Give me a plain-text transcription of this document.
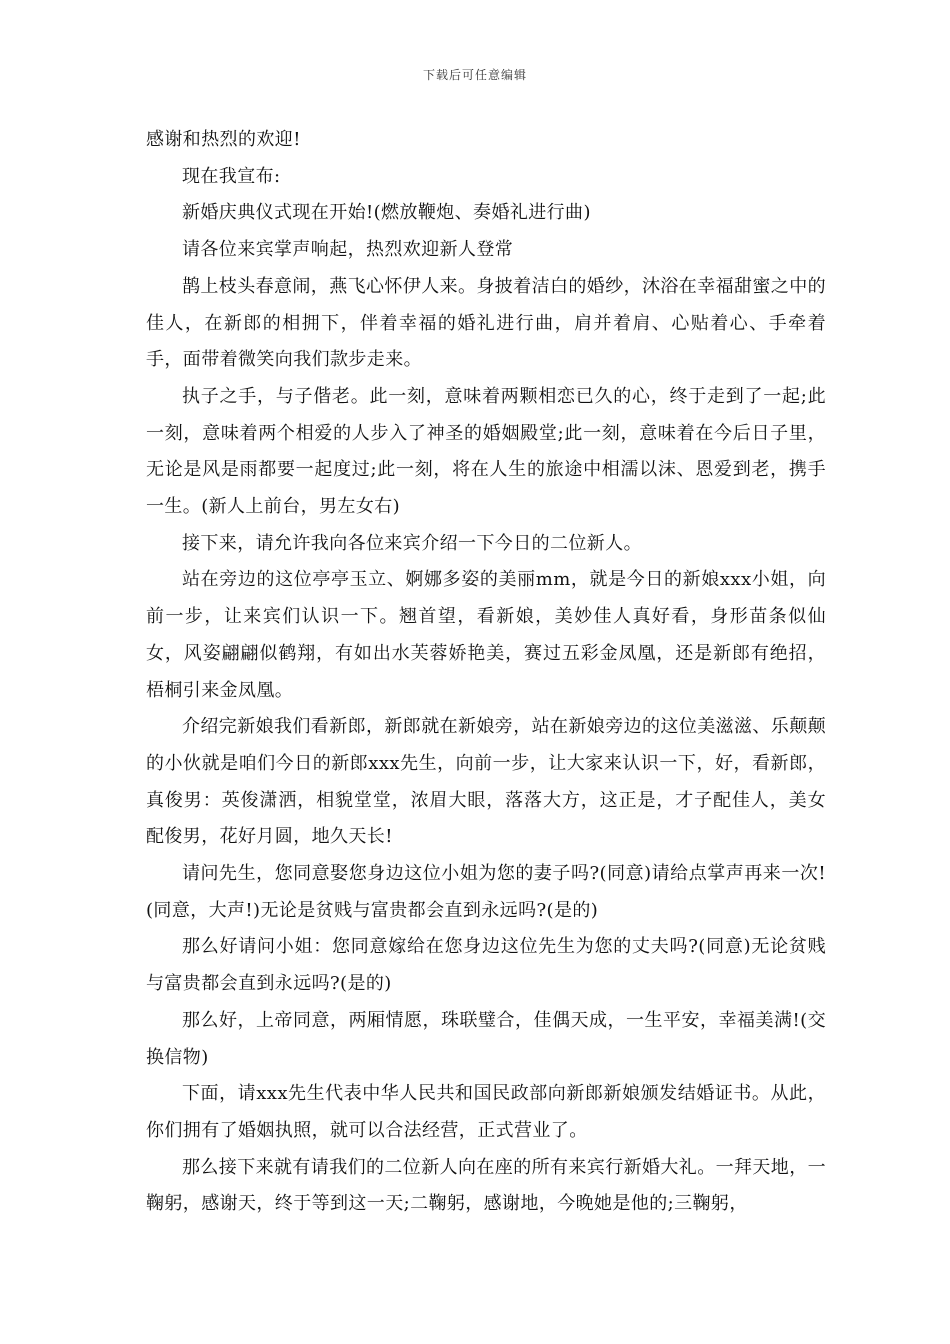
下载后可任意编辑

感谢和热烈的欢迎!

现在我宣布:

新婚庆典仪式现在开始!(燃放鞭炮、奏婚礼进行曲)

请各位来宾掌声响起，热烈欢迎新人登常

鹊上枝头春意闹，燕飞心怀伊人来。身披着洁白的婚纱，沐浴在幸福甜蜜之中的佳人，在新郎的相拥下，伴着幸福的婚礼进行曲，肩并着肩、心贴着心、手牵着手，面带着微笑向我们款步走来。

执子之手，与子偕老。此一刻，意味着两颗相恋已久的心，终于走到了一起;此一刻，意味着两个相爱的人步入了神圣的婚姻殿堂;此一刻，意味着在今后日子里，无论是风是雨都要一起度过;此一刻，将在人生的旅途中相濡以沫、恩爱到老，携手一生。(新人上前台，男左女右)

接下来，请允许我向各位来宾介绍一下今日的二位新人。

站在旁边的这位亭亭玉立、婀娜多姿的美丽mm，就是今日的新娘xxx小姐，向前一步，让来宾们认识一下。翘首望，看新娘，美妙佳人真好看，身形苗条似仙女，风姿翩翩似鹤翔，有如出水芙蓉娇艳美，赛过五彩金凤凰，还是新郎有绝招，梧桐引来金凤凰。

介绍完新娘我们看新郎，新郎就在新娘旁，站在新娘旁边的这位美滋滋、乐颠颠的小伙就是咱们今日的新郎xxx先生，向前一步，让大家来认识一下，好，看新郎，真俊男：英俊潇洒，相貌堂堂，浓眉大眼，落落大方，这正是，才子配佳人，美女配俊男，花好月圆，地久天长!

请问先生，您同意娶您身边这位小姐为您的妻子吗?(同意)请给点掌声再来一次!(同意，大声!)无论是贫贱与富贵都会直到永远吗?(是的)

那么好请问小姐：您同意嫁给在您身边这位先生为您的丈夫吗?(同意)无论贫贱与富贵都会直到永远吗?(是的)

那么好，上帝同意，两厢情愿，珠联璧合，佳偶天成，一生平安，幸福美满!(交换信物)

下面，请xxx先生代表中华人民共和国民政部向新郎新娘颁发结婚证书。从此，你们拥有了婚姻执照，就可以合法经营，正式营业了。

那么接下来就有请我们的二位新人向在座的所有来宾行新婚大礼。一拜天地，一鞠躬，感谢天，终于等到这一天;二鞠躬，感谢地，今晚她是他的;三鞠躬，
